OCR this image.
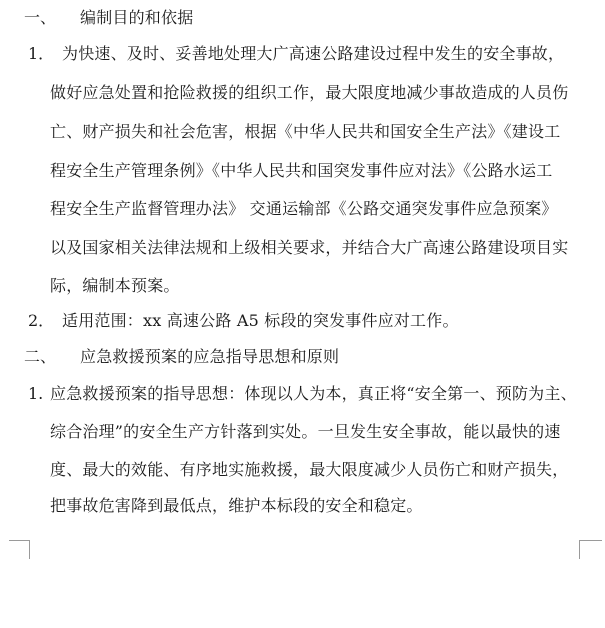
一、 编制目的和依据
1． 为快速、及时、妥善地处理大广高速公路建设过程中发生的安全事故，
做好应急处置和抢险救援的组织工作，最大限度地减少事故造成的人员伤
亡、财产损失和社会危害，根据《中华人民共和国安全生产法》《建设工
程安全生产管理条例》《中华人民共和国突发事件应对法》《公路水运工
程安全生产监督管理办法》 交通运输部《公路交通突发事件应急预案》
以及国家相关法律法规和上级相关要求，并结合大广高速公路建设项目实
际，编制本预案。
2． 适用范围：xx 高速公路 A5 标段的突发事件应对工作。
二、 应急救援预案的应急指导思想和原则
1. 应急救援预案的指导思想：体现以人为本，真正将“安全第一、预防为主、
综合治理”的安全生产方针落到实处。一旦发生安全事故，能以最快的速
度、最大的效能、有序地实施救援，最大限度减少人员伤亡和财产损失，
把事故危害降到最低点，维护本标段的安全和稳定。
